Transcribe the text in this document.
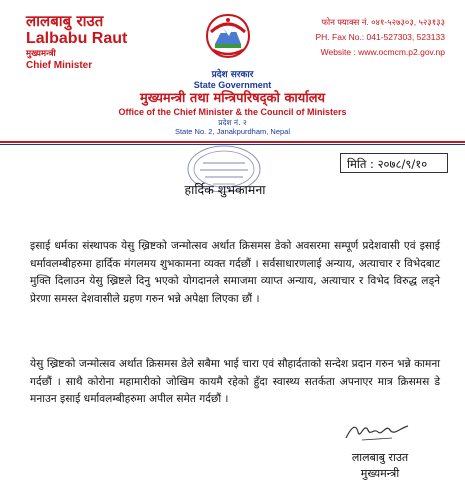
लालबाबु राउत
Lalbabu Raut
मुख्यमन्त्री
Chief Minister
फोन फ्याक्स नं. ०४१-५२७३०३, ५२३१३३
PH. Fax No.: 041-527303, 523133
Website : www.ocmcm.p2.gov.np
प्रदेश सरकार
State Government
मुख्यमन्त्री तथा मन्त्रिपरिषद्को कार्यालय
Office of the Chief Minister & the Council of Ministers
प्रदेश नं. २
State No. 2, Janakpurdham, Nepal
मिति : २०७८/९/१०
हार्दिक शुभकामना
इसाई धर्मका संस्थापक येसु ख्रिष्टको जन्मोत्सव अर्थात क्रिसमस डेको अवसरमा सम्पूर्ण प्रदेशवासी एवं इसाई धर्मावलम्बीहरुमा हार्दिक मंगलमय शुभकामना व्यक्त गर्दछौं । सर्वसाधारणलाई अन्याय, अत्याचार र विभेदबाट मुक्ति दिलाउन येसु ख्रिष्टले दिनु भएको योगदानले समाजमा व्याप्त अन्याय, अत्याचार र विभेद विरुद्ध लड्ने प्रेरणा समस्त देशवासीले ग्रहण गरुन भन्ने अपेक्षा लिएका छौं ।
येसु ख्रिष्टको जन्मोत्सव अर्थात क्रिसमस डेले सबैमा भाई चारा एवं सौहार्दताको सन्देश प्रदान गरुन भन्ने कामना गर्दछौं । साथै कोरोना महामारीको जोखिम कायमै रहेको हुँदा स्वास्थ्य सतर्कता अपनाएर मात्र क्रिसमस डे मनाउन इसाई धर्मावलम्बीहरुमा अपील समेत गर्दछौं ।
लालबाबु राउत
मुख्यमन्त्री
